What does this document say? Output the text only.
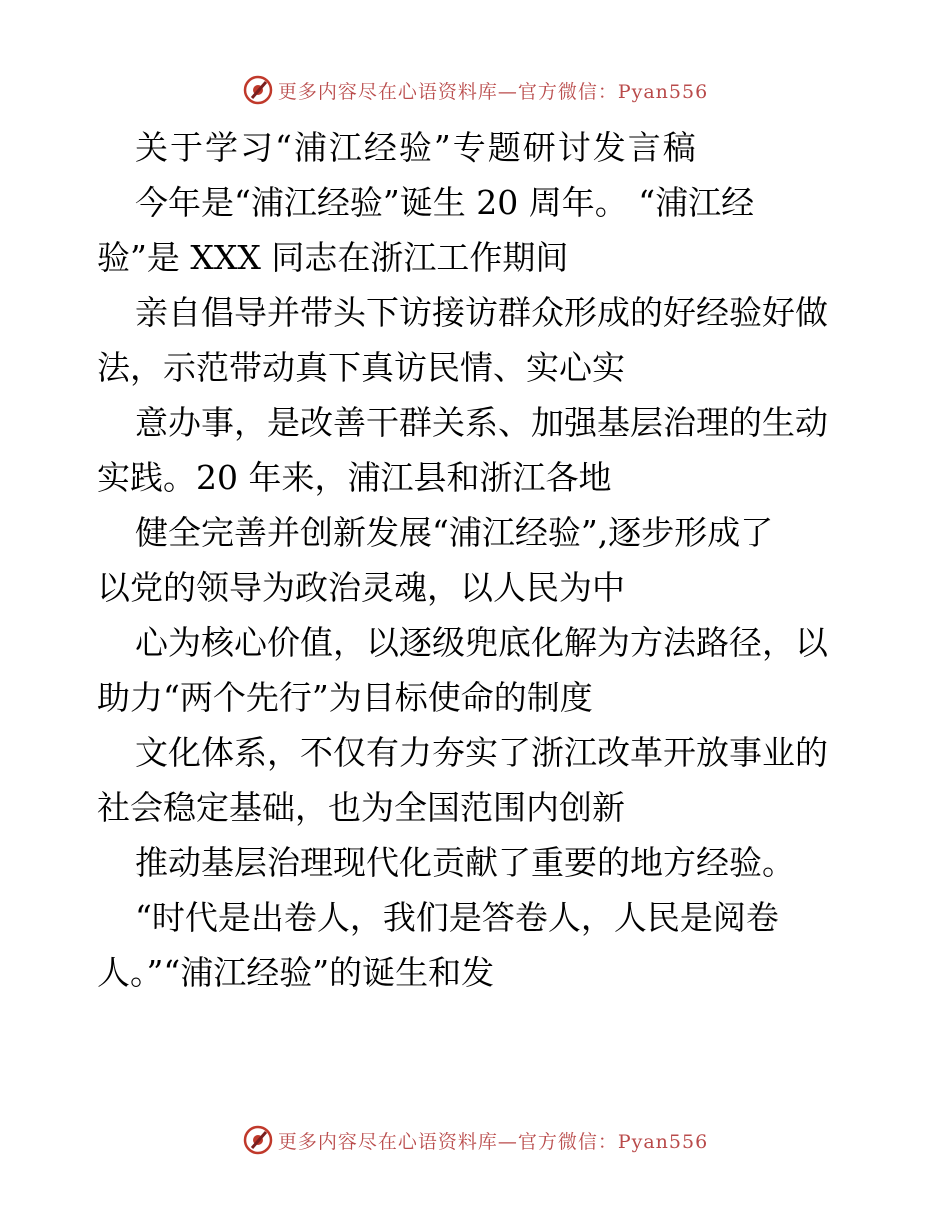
更多内容尽在心语资料库—官方微信：Pyan556
关于学习“浦江经验”专题研讨发言稿
今年是“浦江经验”诞生 20 周年。 “浦江经
验”是 XXX 同志在浙江工作期间
亲自倡导并带头下访接访群众形成的好经验好做
法，示范带动真下真访民情、实心实
意办事，是改善干群关系、加强基层治理的生动
实践。20 年来，浦江县和浙江各地
健全完善并创新发展“浦江经验”,逐步形成了
以党的领导为政治灵魂，以人民为中
心为核心价值，以逐级兜底化解为方法路径，以
助力“两个先行”为目标使命的制度
文化体系，不仅有力夯实了浙江改革开放事业的
社会稳定基础，也为全国范围内创新
推动基层治理现代化贡献了重要的地方经验。
“时代是出卷人，我们是答卷人，人民是阅卷
人。”“浦江经验”的诞生和发
更多内容尽在心语资料库—官方微信：Pyan556
